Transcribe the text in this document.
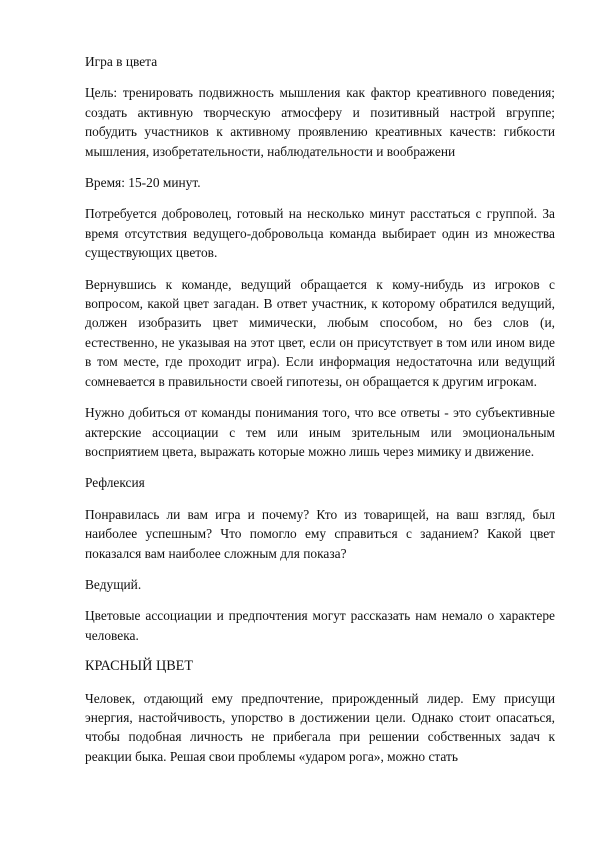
Игра в цвета

Цель: тренировать подвижность мышления как фактор креативного поведения; создать активную творческую атмосферу и позитивный настрой вгруппе; побудить участников к активному проявлению креативных качеств: гибкости мышления, изобретательности, наблюдательности и воображени

Время: 15-20 минут.

Потребуется доброволец, готовый на несколько минут расстаться с группой. За время отсутствия ведущего-добровольца команда выбирает один из множества существующих цветов.

Вернувшись к команде, ведущий обращается к кому-нибудь из игроков с вопросом, какой цвет загадан. В ответ участник, к которому обратился ведущий, должен изобразить цвет мимически, любым способом, но без слов (и, естественно, не указывая на этот цвет, если он присутствует в том или ином виде в том месте, где проходит игра). Если информация недостаточна или ведущий сомневается в правильности своей гипотезы, он обращается к другим игрокам.

Нужно добиться от команды понимания того, что все ответы - это субъективные актерские ассоциации с тем или иным зрительным или эмоциональным восприятием цвета, выражать которые можно лишь через мимику и движение.

Рефлексия

Понравилась ли вам игра и почему? Кто из товарищей, на ваш взгляд, был наиболее успешным? Что помогло ему справиться с заданием? Какой цвет показался вам наиболее сложным для показа?

Ведущий.

Цветовые ассоциации и предпочтения могут рассказать нам немало о характере человека.

КРАСНЫЙ ЦВЕТ

Человек, отдающий ему предпочтение, прирожденный лидер. Ему присущи энергия, настойчивость, упорство в достижении цели. Однако стоит опасаться, чтобы подобная личность не прибегала при решении собственных задач к реакции быка. Решая свои проблемы «ударом рога», можно стать
